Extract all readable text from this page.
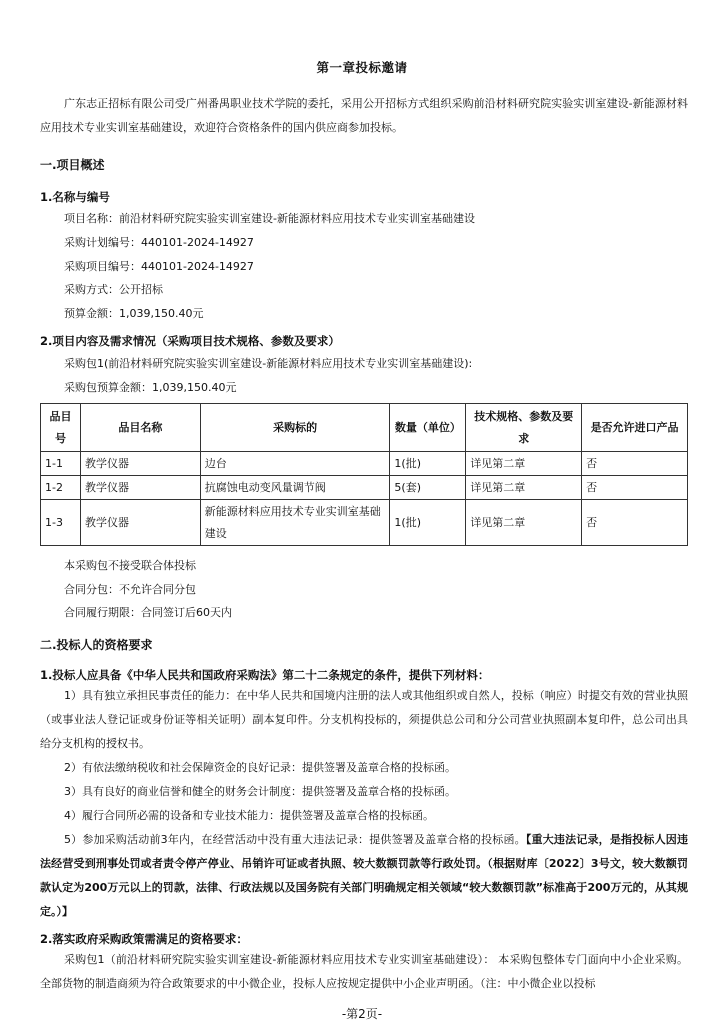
第一章投标邀请
广东志正招标有限公司受广州番禺职业技术学院的委托，采用公开招标方式组织采购前沿材料研究院实验实训室建设-新能源材料应用技术专业实训室基础建设，欢迎符合资格条件的国内供应商参加投标。
一.项目概述
1.名称与编号
项目名称：前沿材料研究院实验实训室建设-新能源材料应用技术专业实训室基础建设
采购计划编号：440101-2024-14927
采购项目编号：440101-2024-14927
采购方式：公开招标
预算金额：1,039,150.40元
2.项目内容及需求情况（采购项目技术规格、参数及要求）
采购包1(前沿材料研究院实验实训室建设-新能源材料应用技术专业实训室基础建设):
采购包预算金额：1,039,150.40元
品目号	品目名称	采购标的	数量（单位）	技术规格、参数及要求	是否允许进口产品
1-1	教学仪器	边台	1(批)	详见第二章	否
1-2	教学仪器	抗腐蚀电动变风量调节阀	5(套)	详见第二章	否
1-3	教学仪器	新能源材料应用技术专业实训室基础建设	1(批)	详见第二章	否
本采购包不接受联合体投标
合同分包：不允许合同分包
合同履行期限：合同签订后60天内
二.投标人的资格要求
1.投标人应具备《中华人民共和国政府采购法》第二十二条规定的条件，提供下列材料：
1）具有独立承担民事责任的能力：在中华人民共和国境内注册的法人或其他组织或自然人，投标（响应）时提交有效的营业执照（或事业法人登记证或身份证等相关证明）副本复印件。分支机构投标的，须提供总公司和分公司营业执照副本复印件，总公司出具给分支机构的授权书。
2）有依法缴纳税收和社会保障资金的良好记录：提供签署及盖章合格的投标函。
3）具有良好的商业信誉和健全的财务会计制度：提供签署及盖章合格的投标函。
4）履行合同所必需的设备和专业技术能力：提供签署及盖章合格的投标函。
5）参加采购活动前3年内，在经营活动中没有重大违法记录：提供签署及盖章合格的投标函。【重大违法记录，是指投标人因违法经营受到刑事处罚或者责令停产停业、吊销许可证或者执照、较大数额罚款等行政处罚。（根据财库〔2022〕3号文，较大数额罚款认定为200万元以上的罚款，法律、行政法规以及国务院有关部门明确规定相关领域“较大数额罚款”标准高于200万元的，从其规定。）】
2.落实政府采购政策需满足的资格要求：
采购包1（前沿材料研究院实验实训室建设-新能源材料应用技术专业实训室基础建设）： 本采购包整体专门面向中小企业采购。全部货物的制造商须为符合政策要求的中小微企业，投标人应按规定提供中小企业声明函。（注：中小微企业以投标
-第2页-
